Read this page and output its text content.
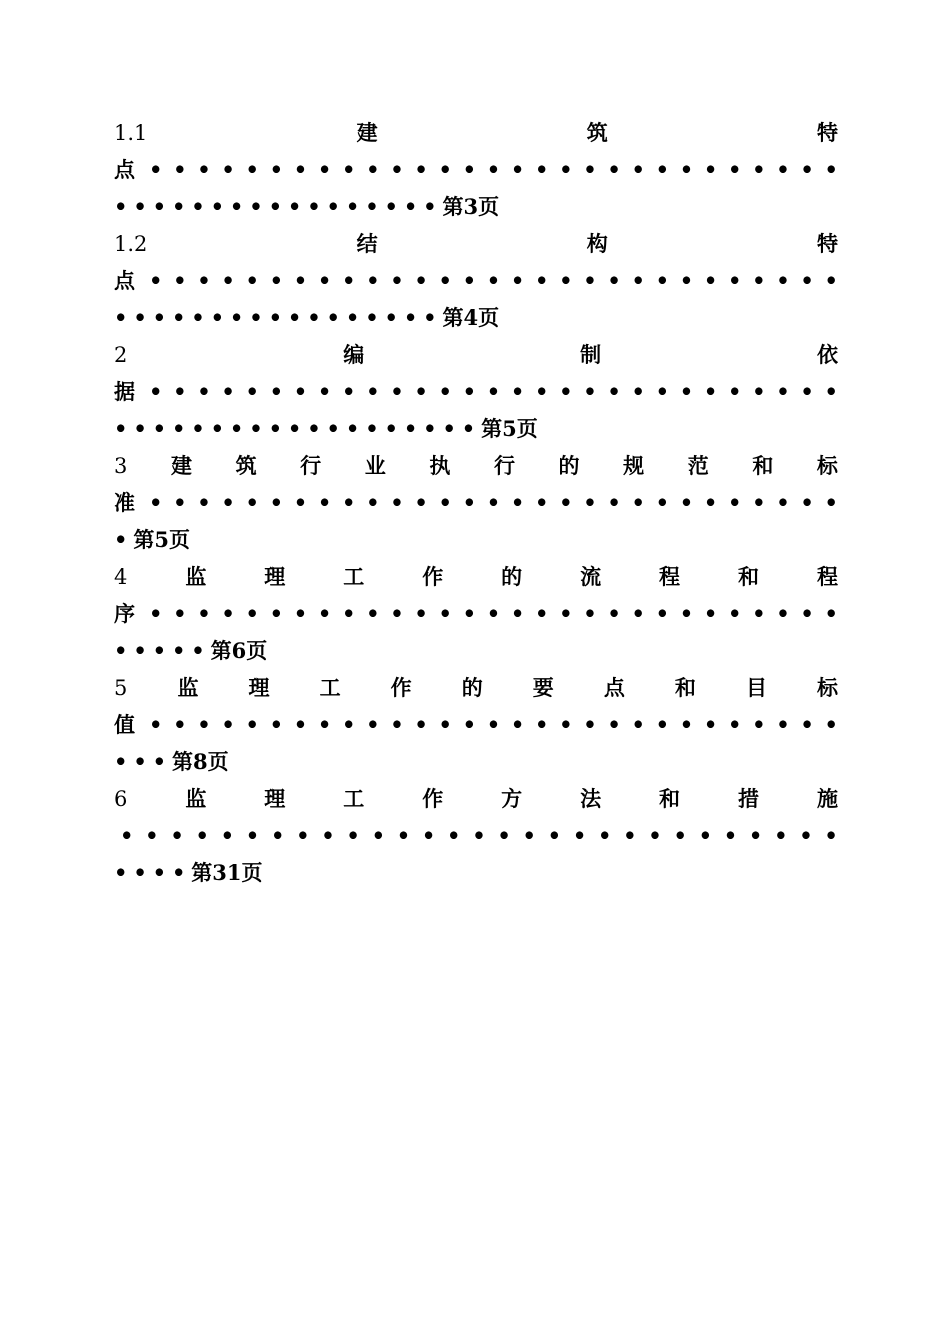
1.1	建	筑	特
点 • • • • • • • • • • • • • • • • • • • • • • • • • • • • •
••••••••••••••••• 第3页
1.2	结	构	特
点 • • • • • • • • • • • • • • • • • • • • • • • • • • • • •
••••••••••••••••• 第4页
2	编	制	依
据 • • • • • • • • • • • • • • • • • • • • • • • • • • • • •
••••••••••••••••••• 第5页
3 建 筑 行 业 执 行 的 规 范 和 标
准 • • • • • • • • • • • • • • • • • • • • • • • • • • • • •
• 第5页
4	监	理	工	作	的	流	程	和	程
序 • • • • • • • • • • • • • • • • • • • • • • • • • • • • •
••••• 第6页
5 监 理 工 作 的 要 点 和 目 标
值 • • • • • • • • • • • • • • • • • • • • • • • • • • • • •
••• 第8页
6	监	理	工	作	方	法	和	措	施
• • • • • • • • • • • • • • • • • • • • • • • • • • • • •
•••• 第31页
